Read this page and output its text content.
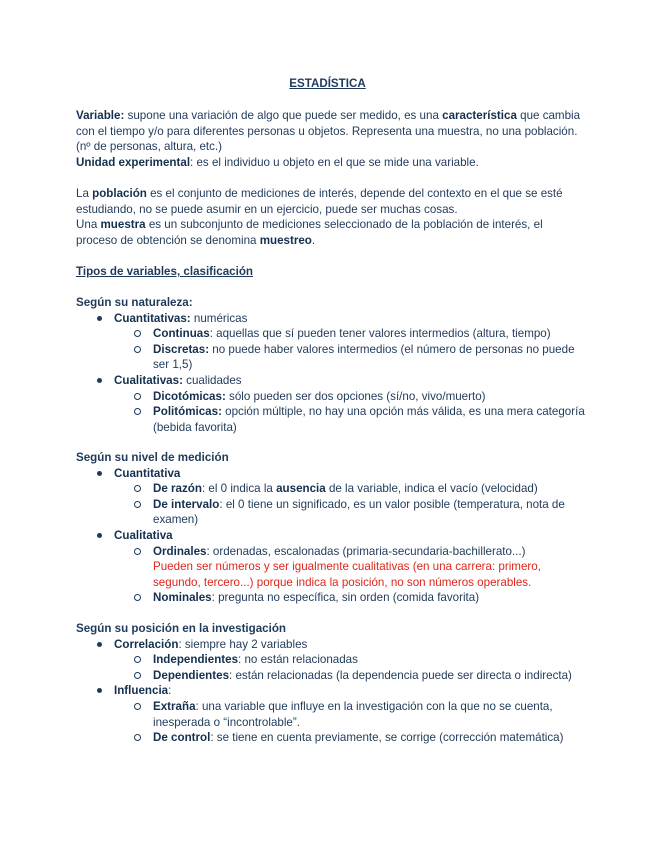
ESTADÍSTICA

Variable: supone una variación de algo que puede ser medido, es una característica que cambia con el tiempo y/o para diferentes personas u objetos. Representa una muestra, no una población. (nº de personas, altura, etc.)

Unidad experimental: es el individuo u objeto en el que se mide una variable.

La población es el conjunto de mediciones de interés, depende del contexto en el que se esté estudiando, no se puede asumir en un ejercicio, puede ser muchas cosas.

Una muestra es un subconjunto de mediciones seleccionado de la población de interés, el proceso de obtención se denomina muestreo.

Tipos de variables, clasificación

Según su naturaleza:

Cuantitativas: numéricas
Continuas: aquellas que sí pueden tener valores intermedios (altura, tiempo)
Discretas: no puede haber valores intermedios (el número de personas no puede ser 1,5)
Cualitativas: cualidades
Dicotómicas: sólo pueden ser dos opciones (sí/no, vivo/muerto)
Politómicas: opción múltiple, no hay una opción más válida, es una mera categoría (bebida favorita)

Según su nivel de medición

Cuantitativa
De razón: el 0 indica la ausencia de la variable, indica el vacío (velocidad)
De intervalo: el 0 tiene un significado, es un valor posible (temperatura, nota de examen)
Cualitativa
Ordinales: ordenadas, escalonadas (primaria-secundaria-bachillerato...)
Pueden ser números y ser igualmente cualitativas (en una carrera: primero, segundo, tercero...) porque indica la posición, no son números operables.
Nominales: pregunta no específica, sin orden (comida favorita)

Según su posición en la investigación

Correlación: siempre hay 2 variables
Independientes: no están relacionadas
Dependientes: están relacionadas (la dependencia puede ser directa o indirecta)
Influencia:
Extraña: una variable que influye en la investigación con la que no se cuenta, inesperada o “incontrolable”.
De control: se tiene en cuenta previamente, se corrige (corrección matemática)
